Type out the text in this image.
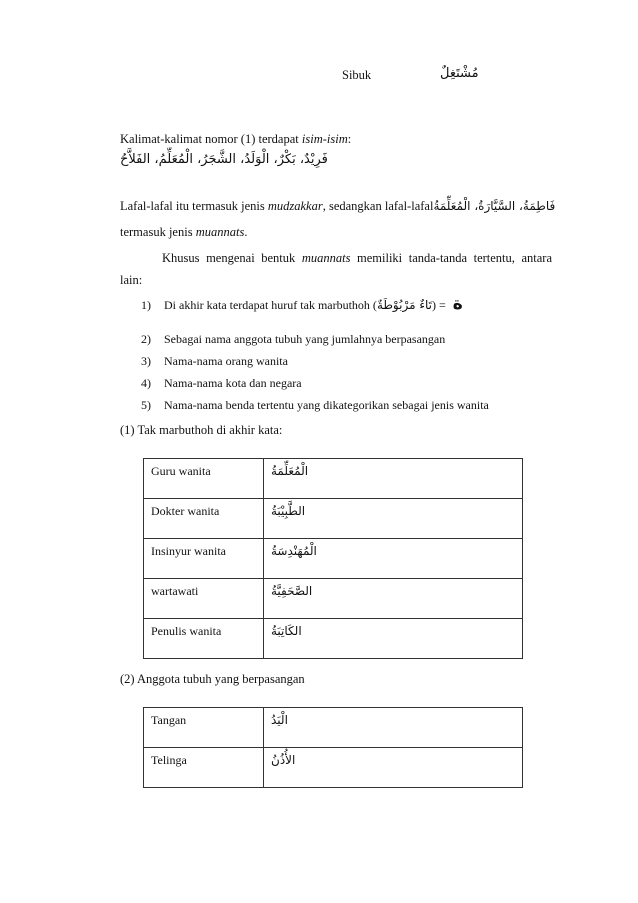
Sibuk	مُشْتَغِلٌ
Kalimat-kalimat nomor (1) terdapat isim-isim:
فَرِيْدٌ، بَكْرٌ، الْوَلَدُ، الشَّجَرُ، الْمُعَلِّمُ، الفَلاَّحُ
Lafal-lafal itu termasuk jenis mudzakkar, sedangkan lafal-lafal فَاطِمَةُ، السَّيَّارَةُ، الْمُعَلِّمَةُ
termasuk jenis muannats.
Khusus mengenai bentuk muannats memiliki tanda-tanda tertentu, antara
lain:
1) Di akhir kata terdapat huruf tak marbuthoh (تَاءٌ مَرْبُوْطَةٌ) = ة
2) Sebagai nama anggota tubuh yang jumlahnya berpasangan
3) Nama-nama orang wanita
4) Nama-nama kota dan negara
5) Nama-nama benda tertentu yang dikategorikan sebagai jenis wanita
(1) Tak marbuthoh di akhir kata:
Guru wanita	الْمُعَلِّمَةُ
Dokter wanita	الطَّبِيْبَةُ
Insinyur wanita	الْمُهَنْدِسَةُ
wartawati	الصَّحَفِيَّةُ
Penulis wanita	الكَاتِبَةُ
(2) Anggota tubuh yang berpasangan
Tangan	الْيَدُ
Telinga	الأُذُنُ
